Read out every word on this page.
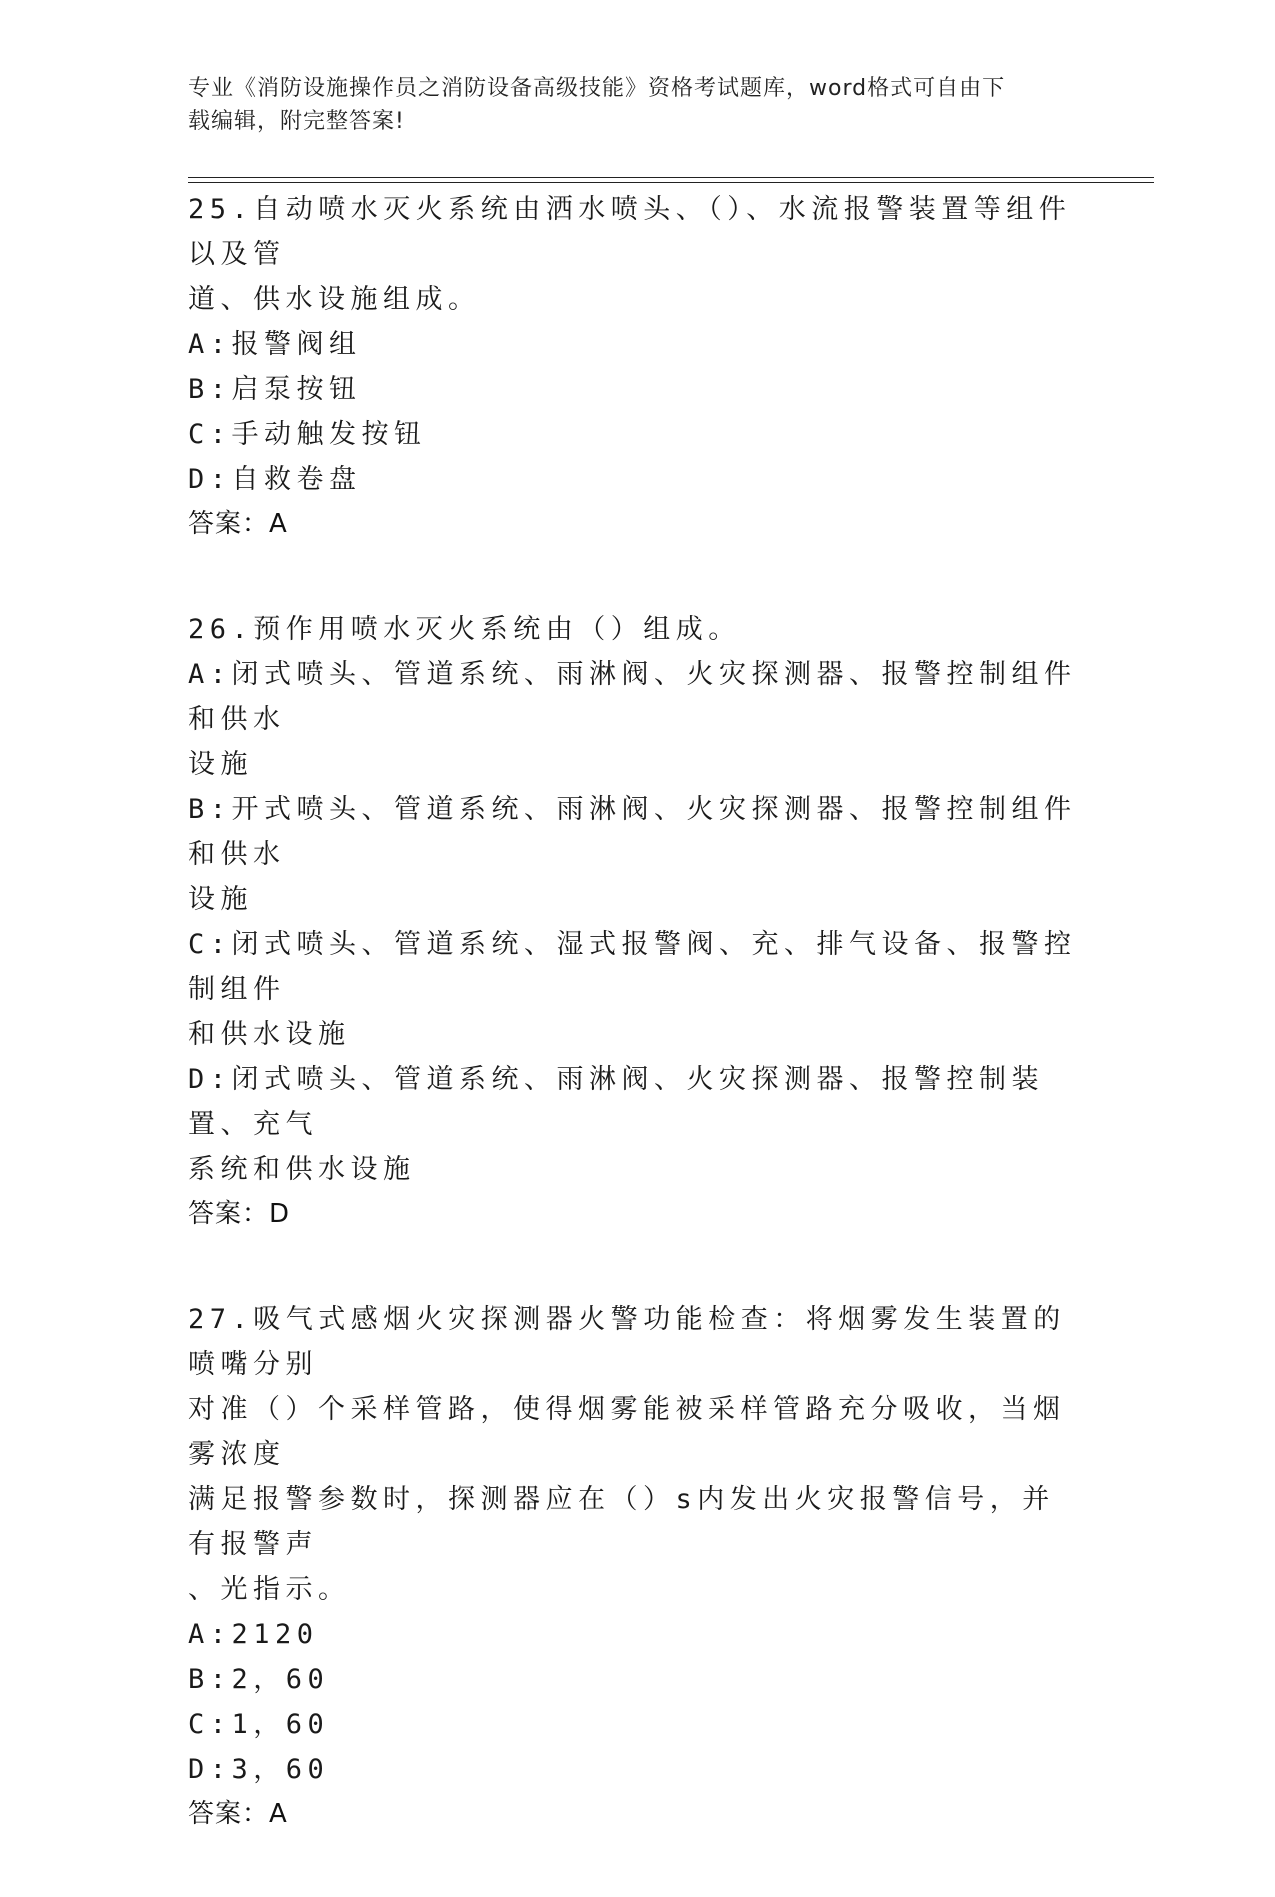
专业《消防设施操作员之消防设备高级技能》资格考试题库，word格式可自由下
载编辑，附完整答案!
25.自动喷水灭火系统由洒水喷头、（）、水流报警装置等组件以及管
道、供水设施组成。
A: 报警阀组
B: 启泵按钮
C: 手动触发按钮
D: 自救卷盘
答案：A
26.预作用喷水灭火系统由（）组成。
A:闭式喷头、管道系统、雨淋阀、火灾探测器、报警控制组件和供水
设施
B:开式喷头、管道系统、雨淋阀、火灾探测器、报警控制组件和供水
设施
C:闭式喷头、管道系统、湿式报警阀、充、排气设备、报警控制组件
和供水设施
D:闭式喷头、管道系统、雨淋阀、火灾探测器、报警控制装置、充气
系统和供水设施
答案：D
27.吸气式感烟火灾探测器火警功能检查：将烟雾发生装置的喷嘴分别
对准（）个采样管路，使得烟雾能被采样管路充分吸收，当烟雾浓度
满足报警参数时，探测器应在（）s内发出火灾报警信号，并有报警声
、光指示。
A: 2120
B: 2，60
C: 1，60
D: 3，60
答案：A
